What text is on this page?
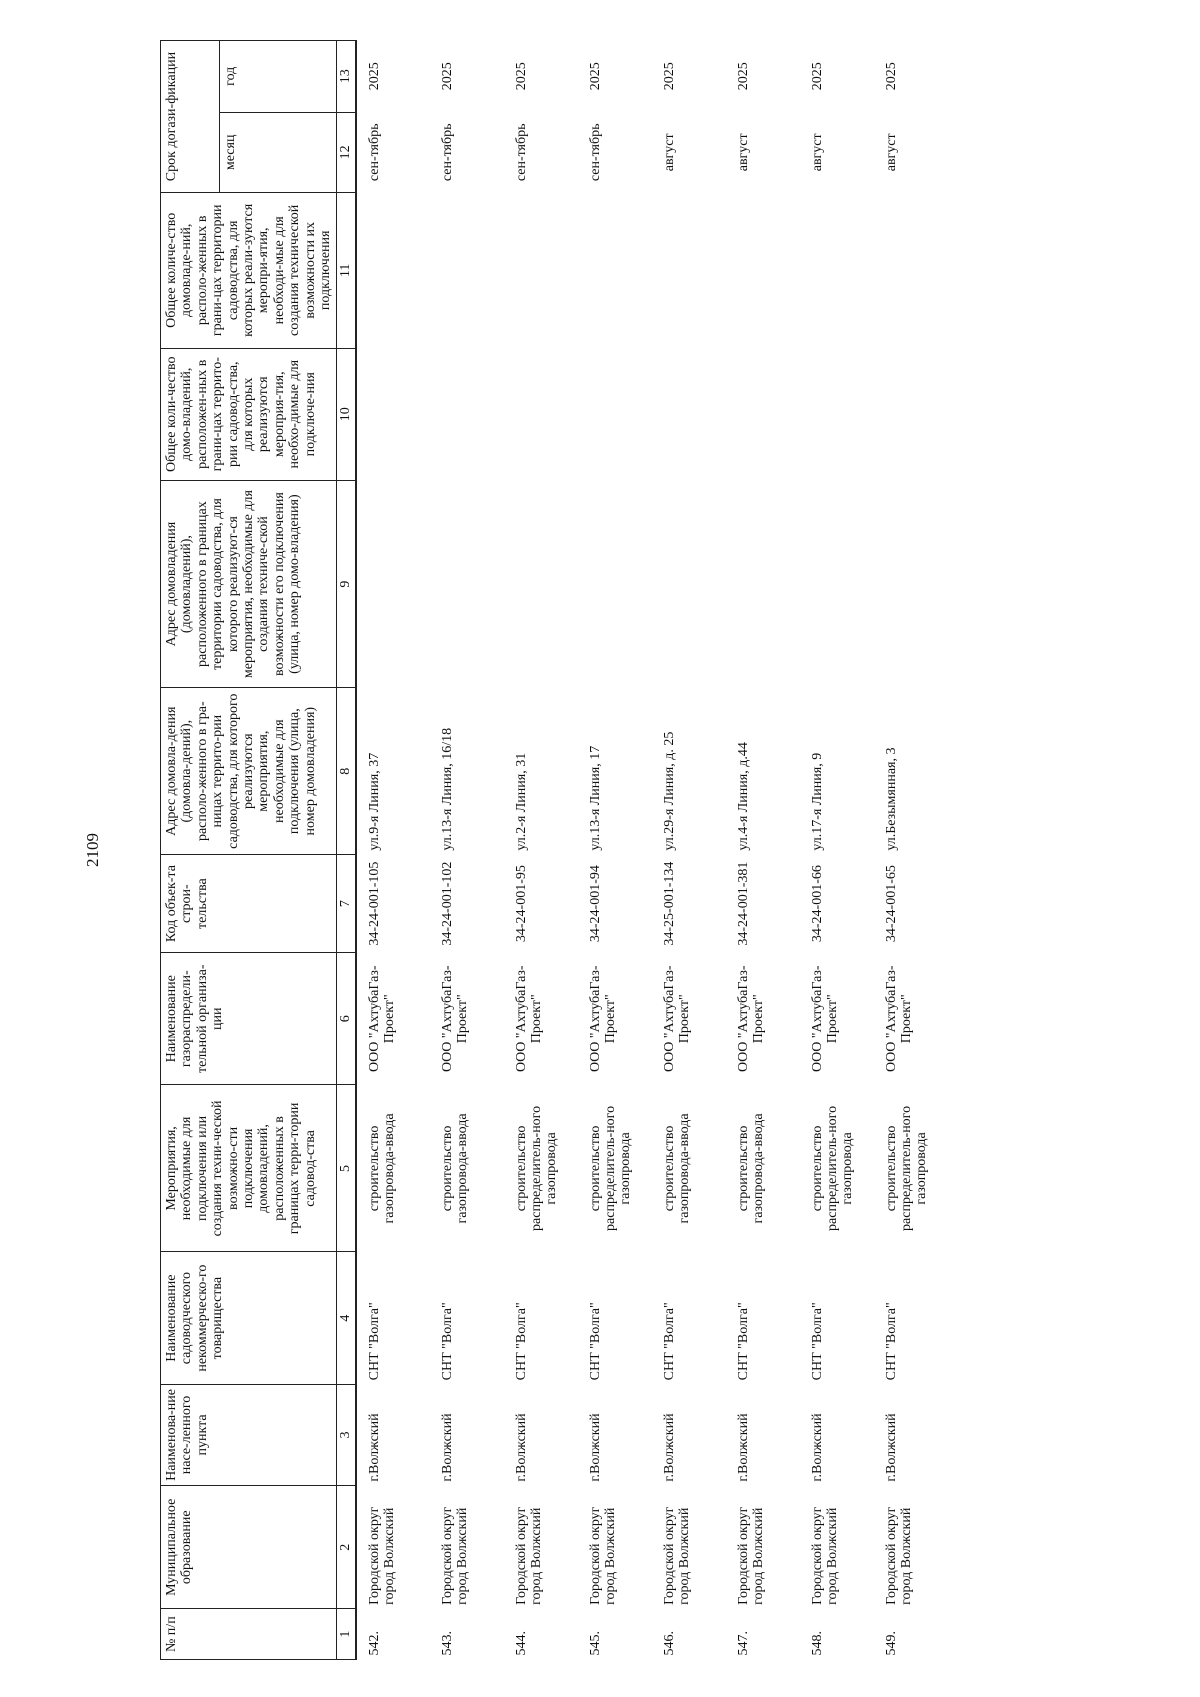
2109
№ п/п	Муниципальное образование	Наименова-ние насе-ленного пункта	Наименование садоводческого некоммерческо-го товарищества	Мероприятия, необходимые для подключения или создания техни-ческой возможно-сти подключения домовладений, расположенных в границах терри-тории садовод-ства	Наименование газораспредели-тельной организа-ции	Код объек-та строи-тельства	Адрес домовла-дения (домовла-дений), располо-женного в гра-ницах террито-рии садоводства, для которого реализуются мероприятия, необходимые для подключения (улица, номер домовладения)	Адрес домовладения (домовладений), расположенного в границах территории садоводства, для которого реализуют-ся мероприятия, необходимые для создания техниче-ской возможности его подключения (улица, номер домо-владения)	Общее коли-чество домо-владений, расположен-ных в грани-цах террито-рии садовод-ства, для которых реализуются мероприя-тия, необхо-димые для подключе-ния	Общее количе-ство домовладе-ний, располо-женных в грани-цах территории садоводства, для которых реали-зуются меропри-ятия, необходи-мые для создания технической возможности их подключения	Срок догази-фикации	
											месяц	год
1	2	3	4	5	6	7	8	9	10	11	12	13
542.	Городской округ город Волжский	г.Волжский	СНТ "Волга"	строительство газопровода-ввода	ООО "АхтубаГаз-Проект"	34-24-001-105	ул.9-я Линия, 37				сен-тябрь	2025
543.	Городской округ город Волжский	г.Волжский	СНТ "Волга"	строительство газопровода-ввода	ООО "АхтубаГаз-Проект"	34-24-001-102	ул.13-я Линия, 16/18				сен-тябрь	2025
544.	Городской округ город Волжский	г.Волжский	СНТ "Волга"	строительство распределитель-ного газопровода	ООО "АхтубаГаз-Проект"	34-24-001-95	ул.2-я Линия, 31				сен-тябрь	2025
545.	Городской округ город Волжский	г.Волжский	СНТ "Волга"	строительство распределитель-ного газопровода	ООО "АхтубаГаз-Проект"	34-24-001-94	ул.13-я Линия, 17				сен-тябрь	2025
546.	Городской округ город Волжский	г.Волжский	СНТ "Волга"	строительство газопровода-ввода	ООО "АхтубаГаз-Проект"	34-25-001-134	ул.29-я Линия, д. 25				август	2025
547.	Городской округ город Волжский	г.Волжский	СНТ "Волга"	строительство газопровода-ввода	ООО "АхтубаГаз-Проект"	34-24-001-381	ул.4-я Линия, д.44				август	2025
548.	Городской округ город Волжский	г.Волжский	СНТ "Волга"	строительство распределитель-ного газопровода	ООО "АхтубаГаз-Проект"	34-24-001-66	ул.17-я Линия, 9				август	2025
549.	Городской округ город Волжский	г.Волжский	СНТ "Волга"	строительство распределитель-ного газопровода	ООО "АхтубаГаз-Проект"	34-24-001-65	ул.Безымянная, 3				август	2025
